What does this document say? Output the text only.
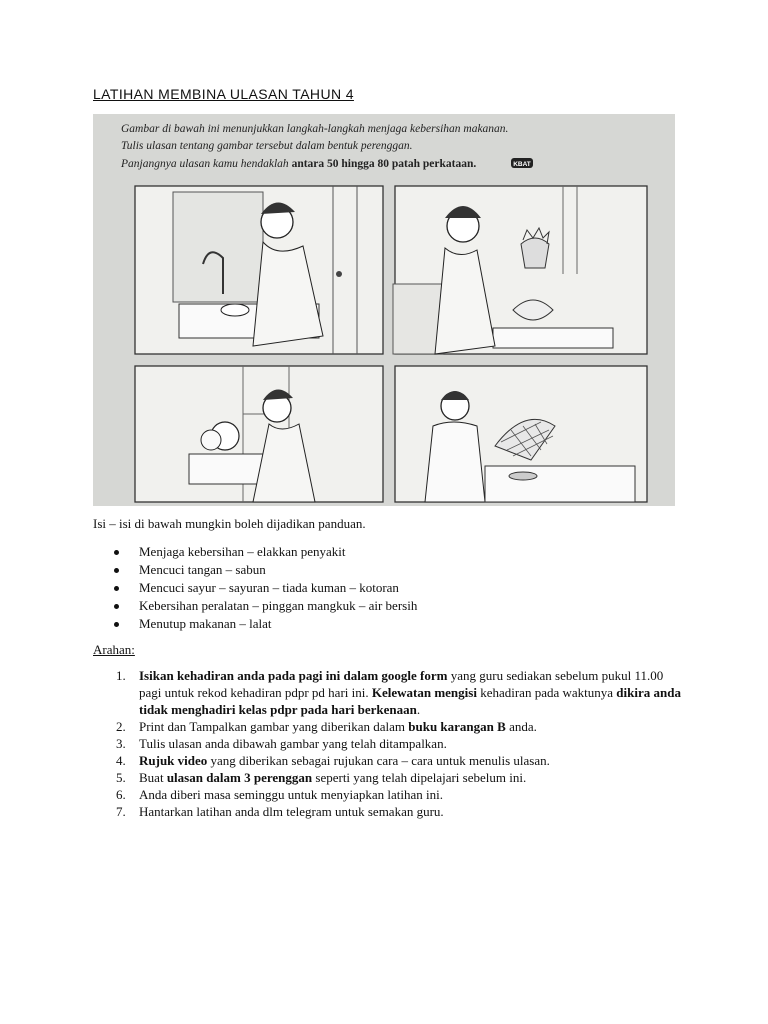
LATIHAN MEMBINA ULASAN TAHUN 4
Gambar di bawah ini menunjukkan langkah-langkah menjaga kebersihan makanan.
Tulis ulasan tentang gambar tersebut dalam bentuk perenggan.
Panjangnya ulasan kamu hendaklah antara 50 hingga 80 patah perkataan.	KBAT
Isi – isi di bawah mungkin boleh dijadikan panduan.
Menjaga kebersihan – elakkan penyakit
Mencuci tangan – sabun
Mencuci sayur – sayuran – tiada kuman – kotoran
Kebersihan peralatan – pinggan mangkuk – air bersih
Menutup makanan – lalat
Arahan:
1. Isikan kehadiran anda pada pagi ini dalam google form yang guru sediakan sebelum pukul 11.00 pagi untuk rekod kehadiran pdpr pd hari ini. Kelewatan mengisi kehadiran pada waktunya dikira anda tidak menghadiri kelas pdpr pada hari berkenaan.
2. Print dan Tampalkan gambar yang diberikan dalam buku karangan B anda.
3. Tulis ulasan anda dibawah gambar yang telah ditampalkan.
4. Rujuk video yang diberikan sebagai rujukan cara – cara untuk menulis ulasan.
5. Buat ulasan dalam 3 perenggan seperti yang telah dipelajari sebelum ini.
6. Anda diberi masa seminggu untuk menyiapkan latihan ini.
7. Hantarkan latihan anda dlm telegram untuk semakan guru.
